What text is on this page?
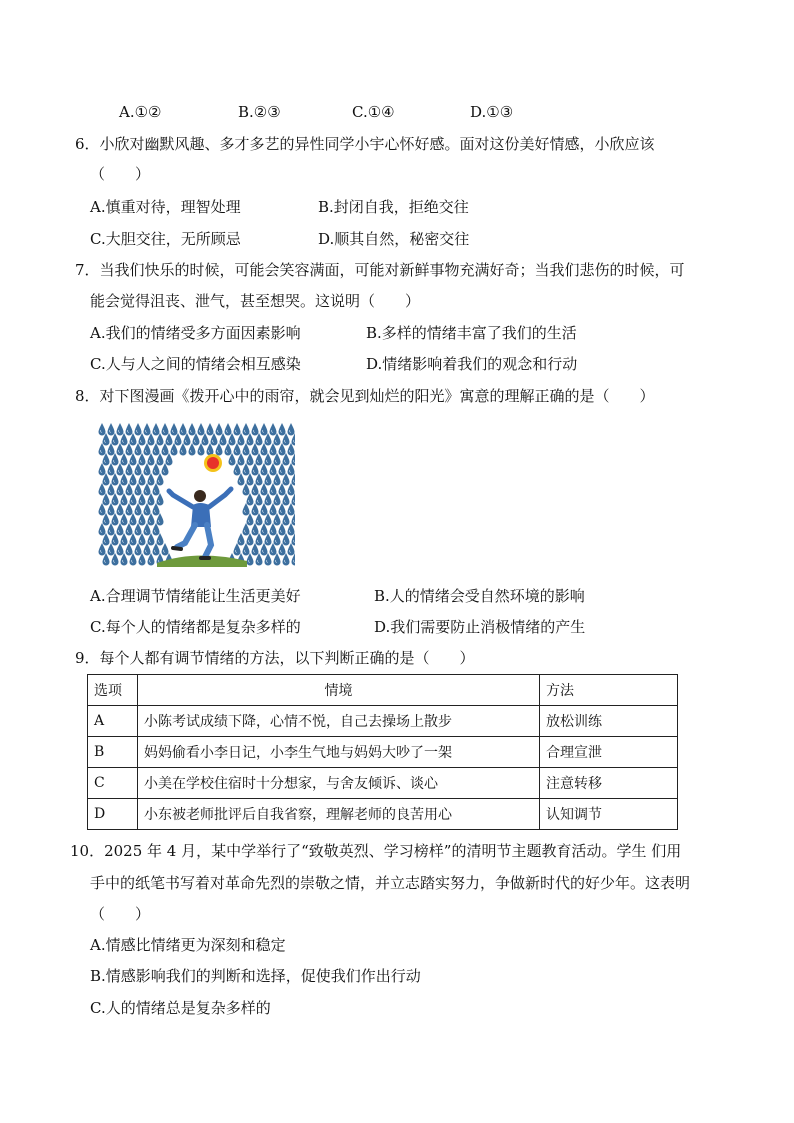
A.①②	B.②③	C.①④	D.①③
6．小欣对幽默风趣、多才多艺的异性同学小宇心怀好感。面对这份美好情感，小欣应该
（　　）
A.慎重对待，理智处理	B.封闭自我，拒绝交往
C.大胆交往，无所顾忌	D.顺其自然，秘密交往
7．当我们快乐的时候，可能会笑容满面，可能对新鲜事物充满好奇；当我们悲伤的时候，可
能会觉得沮丧、泄气，甚至想哭。这说明（　　）
A.我们的情绪受多方面因素影响	B.多样的情绪丰富了我们的生活
C.人与人之间的情绪会相互感染	D.情绪影响着我们的观念和行动
8．对下图漫画《拨开心中的雨帘，就会见到灿烂的阳光》寓意的理解正确的是（　　）
A.合理调节情绪能让生活更美好	B.人的情绪会受自然环境的影响
C.每个人的情绪都是复杂多样的	D.我们需要防止消极情绪的产生
9．每个人都有调节情绪的方法，以下判断正确的是（　　）
选项	情境	方法
A	小陈考试成绩下降，心情不悦，自己去操场上散步	放松训练
B	妈妈偷看小李日记，小李生气地与妈妈大吵了一架	合理宣泄
C	小美在学校住宿时十分想家，与舍友倾诉、谈心	注意转移
D	小东被老师批评后自我省察，理解老师的良苦用心	认知调节
10．2025 年 4 月，某中学举行了“致敬英烈、学习榜样”的清明节主题教育活动。学生 们用
手中的纸笔书写着对革命先烈的崇敬之情，并立志踏实努力，争做新时代的好少年。这表明
（　　）
A.情感比情绪更为深刻和稳定
B.情感影响我们的判断和选择，促使我们作出行动
C.人的情绪总是复杂多样的
